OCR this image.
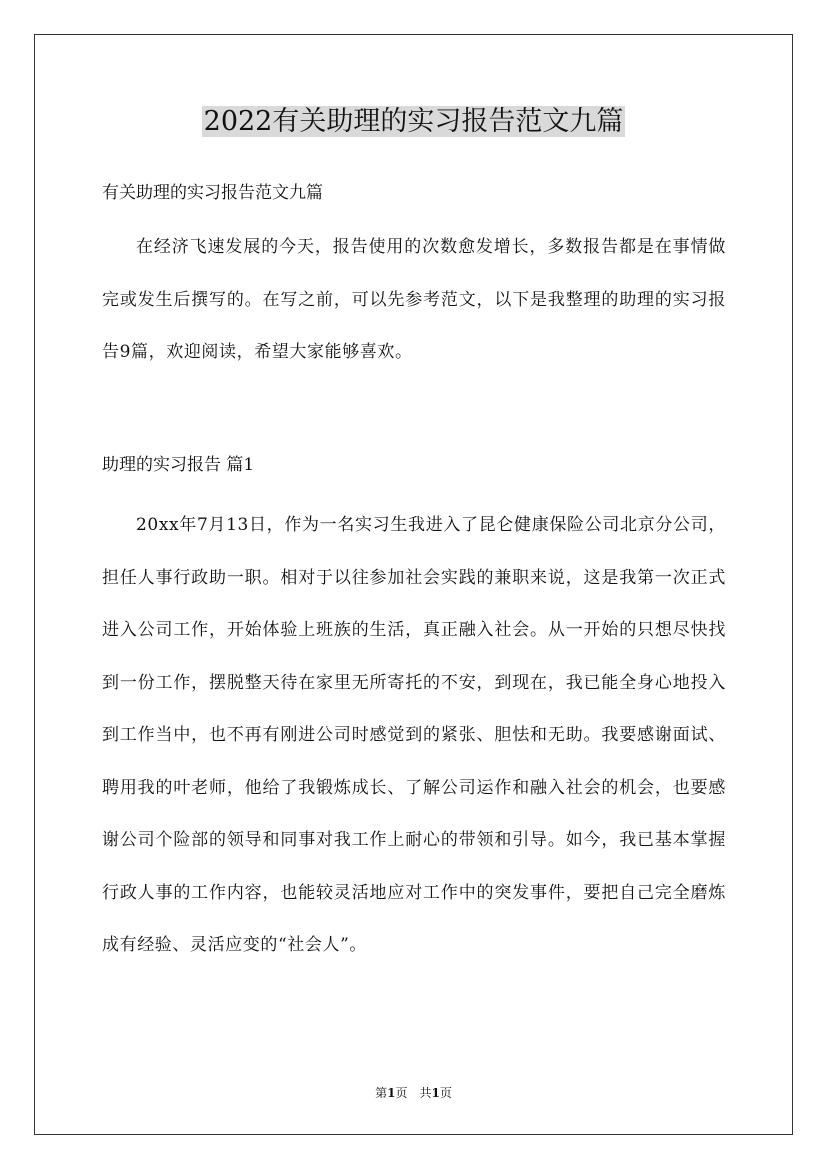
2022有关助理的实习报告范文九篇
有关助理的实习报告范文九篇
在经济飞速发展的今天，报告使用的次数愈发增长，多数报告都是在事情做完或发生后撰写的。在写之前，可以先参考范文，以下是我整理的助理的实习报告9篇，欢迎阅读，希望大家能够喜欢。
助理的实习报告 篇1
20xx年7月13日，作为一名实习生我进入了昆仑健康保险公司北京分公司，担任人事行政助一职。相对于以往参加社会实践的兼职来说，这是我第一次正式进入公司工作，开始体验上班族的生活，真正融入社会。从一开始的只想尽快找到一份工作，摆脱整天待在家里无所寄托的不安，到现在，我已能全身心地投入到工作当中，也不再有刚进公司时感觉到的紧张、胆怯和无助。我要感谢面试、聘用我的叶老师，他给了我锻炼成长、了解公司运作和融入社会的机会，也要感谢公司个险部的领导和同事对我工作上耐心的带领和引导。如今，我已基本掌握行政人事的工作内容，也能较灵活地应对工作中的突发事件，要把自己完全磨炼成有经验、灵活应变的“社会人”。
第1页　共1页
